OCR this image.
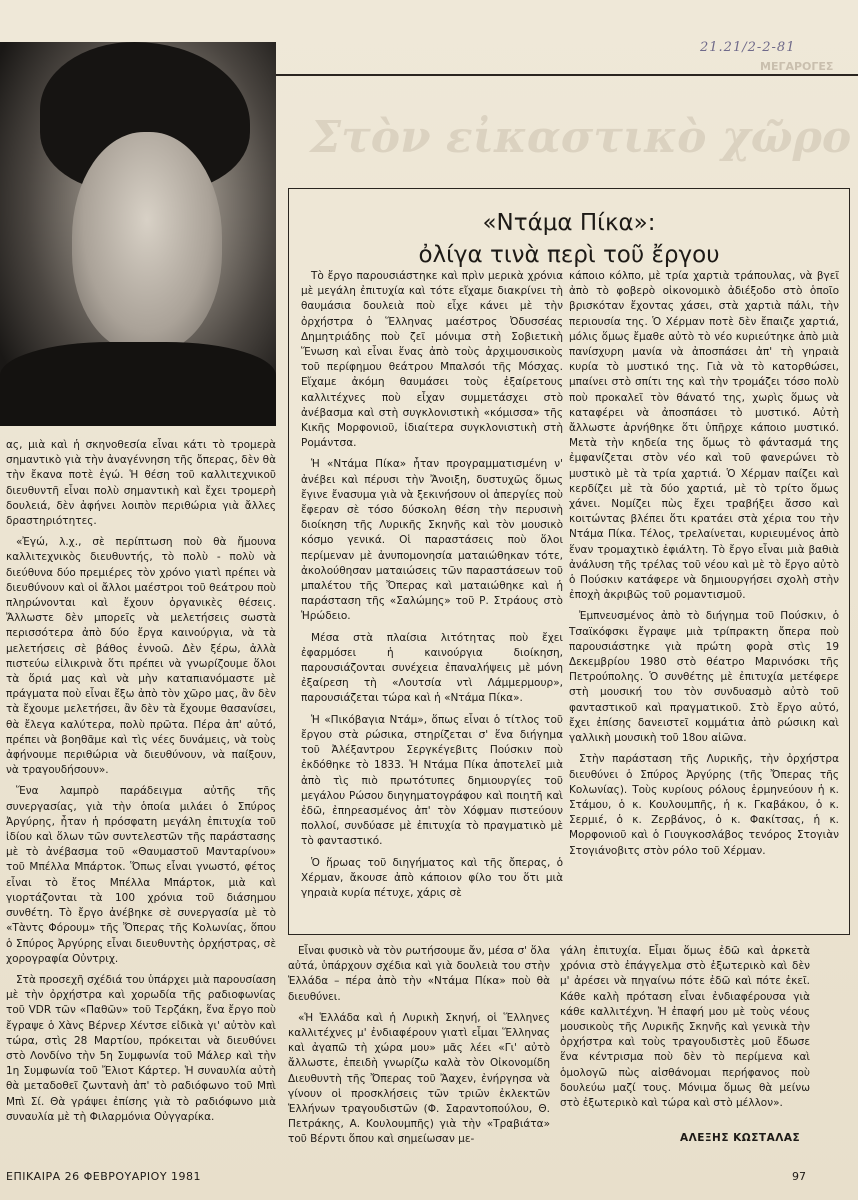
21.21/2-2-81
ΜΕΓΑΡΟΓΕΣ
Στὸν εἰκαστικὸ χῶρο

ας, μιὰ καὶ ἡ σκηνοθεσία εἶναι κάτι τὸ τρομερὰ σημαντικὸ γιὰ τὴν ἀναγέννηση τῆς ὄπερας, δὲν θὰ τὴν ἔκανα ποτὲ ἐγώ. Ἡ θέση τοῦ καλλιτεχνικοῦ διευθυντῆ εἶναι πολὺ σημαντικὴ καὶ ἔχει τρομερὴ δουλειά, δὲν ἀφήνει λοιπὸν περιθώρια γιὰ ἄλλες δραστηριότητες.

«Ἐγώ, λ.χ., σὲ περίπτωση ποὺ θὰ ἤμουνα καλλιτεχνικὸς διευθυντής, τὸ πολὺ - πολὺ νὰ διεύθυνα δύο πρεμιέρες τὸν χρόνο γιατὶ πρέπει νὰ διευθύνουν καὶ οἱ ἄλλοι μαέστροι τοῦ θεάτρου ποὺ πληρώνονται καὶ ἔχουν ὀργανικὲς θέσεις. Ἄλλωστε δὲν μπορεῖς νὰ μελετήσεις σωστὰ περισσότερα ἀπὸ δύο ἔργα καινούργια, νὰ τὰ μελετήσεις σὲ βάθος ἐννοῶ. Δὲν ξέρω, ἀλλὰ πιστεύω εἰλικρινὰ ὅτι πρέπει νὰ γνωρίζουμε ὅλοι τὰ ὅριά μας καὶ νὰ μὴν καταπιανόμαστε μὲ πράγματα ποὺ εἶναι ἔξω ἀπὸ τὸν χῶρο μας, ἂν δὲν τὰ ἔχουμε μελετήσει, ἂν δὲν τὰ ἔχουμε θασανίσει, θὰ ἔλεγα καλύτερα, πολὺ πρῶτα. Πέρα ἀπ' αὐτό, πρέπει νὰ βοηθᾶμε καὶ τὶς νέες δυνάμεις, νὰ τοὺς ἀφήνουμε περιθώρια νὰ διευθύνουν, νὰ παίξουν, νὰ τραγουδήσουν».

Ἕνα λαμπρὸ παράδειγμα αὐτῆς τῆς συνεργασίας, γιὰ τὴν ὁποία μιλάει ὁ Σπύρος Ἀργύρης, ἦταν ἡ πρόσφατη μεγάλη ἐπιτυχία τοῦ ἰδίου καὶ ὅλων τῶν συντελεστῶν τῆς παράστασης μὲ τὸ ἀνέβασμα τοῦ «Θαυμαστοῦ Μανταρίνου» τοῦ Μπέλλα Μπάρτοκ. Ὅπως εἶναι γνωστό, φέτος εἶναι τὸ ἔτος Μπέλλα Μπάρτοκ, μιὰ καὶ γιορτάζονται τὰ 100 χρόνια τοῦ διάσημου συνθέτη. Τὸ ἔργο ἀνέβηκε σὲ συνεργασία μὲ τὸ «Τὰντς Φόρουμ» τῆς Ὄπερας τῆς Κολωνίας, ὅπου ὁ Σπύρος Ἀργύρης εἶναι διευθυντὴς ὀρχήστρας, σὲ χορογραφία Οὐντριχ.

Στὰ προσεχῆ σχέδιά του ὑπάρχει μιὰ παρουσίαση μὲ τὴν ὀρχήστρα καὶ χορωδία τῆς ραδιοφωνίας τοῦ VDR τῶν «Παθῶν» τοῦ Τερζάκη, ἕνα ἔργο ποὺ ἔγραψε ὁ Χὰνς Βέρνερ Χέντσε εἰδικὰ γι' αὐτὸν καὶ τώρα, στὶς 28 Μαρτίου, πρόκειται νὰ διευθύνει στὸ Λονδίνο τὴν 5η Συμφωνία τοῦ Μάλερ καὶ τὴν 1η Συμφωνία τοῦ Ἔλιοτ Κάρτερ. Ἡ συναυλία αὐτὴ θὰ μεταδοθεῖ ζωντανὴ ἀπ' τὸ ραδιόφωνο τοῦ Μπὶ Μπὶ Σί. Θὰ γράψει ἐπίσης γιὰ τὸ ραδιόφωνο μιὰ συναυλία μὲ τὴ Φιλαρμόνια Οὐγγαρίκα.

«Ντάμα Πίκα»:
ὀλίγα τινὰ περὶ τοῦ ἔργου

Τὸ ἔργο παρουσιάστηκε καὶ πρὶν μερικὰ χρόνια μὲ μεγάλη ἐπιτυχία καὶ τότε εἴχαμε διακρίνει τὴ θαυμάσια δουλειὰ ποὺ εἶχε κάνει μὲ τὴν ὀρχήστρα ὁ Ἕλληνας μαέστρος Ὀδυσσέας Δημητριάδης ποὺ ζεῖ μόνιμα στὴ Σοβιετικὴ Ἕνωση καὶ εἶναι ἕνας ἀπὸ τοὺς ἀρχιμουσικοὺς τοῦ περίφημου θεάτρου Μπαλσόι τῆς Μόσχας. Εἴχαμε ἀκόμη θαυμάσει τοὺς ἐξαίρετους καλλιτέχνες ποὺ εἶχαν συμμετάσχει στὸ ἀνέβασμα καὶ στὴ συγκλονιστικὴ «κόμισσα» τῆς Κικῆς Μορφονιοῦ, ἰδιαίτερα συγκλονιστικὴ στὴ Ρομάντσα.

Ἡ «Ντάμα Πίκα» ἦταν προγραμματισμένη ν' ἀνέβει καὶ πέρυσι τὴν Ἄνοιξη, δυστυχῶς ὅμως ἔγινε ἔνασυμα γιὰ νὰ ξεκινήσουν οἱ ἀπεργίες ποὺ ἔφεραν σὲ τόσο δύσκολη θέση τὴν περυσινὴ διοίκηση τῆς Λυρικῆς Σκηνῆς καὶ τὸν μουσικὸ κόσμο γενικά. Οἱ παραστάσεις ποὺ ὅλοι περίμεναν μὲ ἀνυπομονησία ματαιώθηκαν τότε, ἀκολούθησαν ματαιώσεις τῶν παραστάσεων τοῦ μπαλέτου τῆς Ὄπερας καὶ ματαιώθηκε καὶ ἡ παράσταση τῆς «Σαλώμης» τοῦ Ρ. Στράους στὸ Ἡρώδειο.

Μέσα στὰ πλαίσια λιτότητας ποὺ ἔχει ἐφαρμόσει ἡ καινούργια διοίκηση, παρουσιάζονται συνέχεια ἐπαναλήψεις μὲ μόνη ἐξαίρεση τὴ «Λουτσία ντὶ Λάμμερμουρ», παρουσιάζεται τώρα καὶ ἡ «Ντάμα Πίκα».

Ἡ «Πικόβαγια Ντάμ», ὅπως εἶναι ὁ τίτλος τοῦ ἔργου στὰ ρώσικα, στηρίζεται σ' ἕνα διήγημα τοῦ Ἀλέξαντρου Σεργκέγεβιτς Πούσκιν ποὺ ἐκδόθηκε τὸ 1833. Ἡ Ντάμα Πίκα ἀποτελεῖ μιὰ ἀπὸ τὶς πιὸ πρωτότυπες δημιουργίες τοῦ μεγάλου Ρώσου διηγηματογράφου καὶ ποιητῆ καὶ ἐδῶ, ἐπηρεασμένος ἀπ' τὸν Χόφμαν πιστεύουν πολλοί, συνδύασε μὲ ἐπιτυχία τὸ πραγματικὸ μὲ τὸ φανταστικό.

Ὁ ἥρωας τοῦ διηγήματος καὶ τῆς ὄπερας, ὁ Χέρμαν, ἄκουσε ἀπὸ κάποιον φίλο του ὅτι μιὰ γηραιὰ κυρία πέτυχε, χάρις σὲ

κάποιο κόλπο, μὲ τρία χαρτιὰ τράπουλας, νὰ βγεῖ ἀπὸ τὸ φοβερὸ οἰκονομικὸ ἀδιέξοδο στὸ ὁποῖο βρισκόταν ἔχοντας χάσει, στὰ χαρτιὰ πάλι, τὴν περιουσία της. Ὁ Χέρμαν ποτὲ δὲν ἔπαιζε χαρτιά, μόλις ὅμως ἔμαθε αὐτὸ τὸ νέο κυριεύτηκε ἀπὸ μιὰ πανίσχυρη μανία νὰ ἀποσπάσει ἀπ' τὴ γηραιὰ κυρία τὸ μυστικό της. Γιὰ νὰ τὸ κατορθώσει, μπαίνει στὸ σπίτι της καὶ τὴν τρομάζει τόσο πολὺ ποὺ προκαλεῖ τὸν θάνατό της, χωρὶς ὅμως νὰ καταφέρει νὰ ἀποσπάσει τὸ μυστικό. Αὐτὴ ἄλλωστε ἀρνήθηκε ὅτι ὑπῆρχε κάποιο μυστικό. Μετὰ τὴν κηδεία της ὅμως τὸ φάντασμά της ἐμφανίζεται στὸν νέο καὶ τοῦ φανερώνει τὸ μυστικὸ μὲ τὰ τρία χαρτιά. Ὁ Χέρμαν παίζει καὶ κερδίζει μὲ τὰ δύο χαρτιά, μὲ τὸ τρίτο ὅμως χάνει. Νομίζει πὼς ἔχει τραβήξει ἄσσο καὶ κοιτώντας βλέπει ὅτι κρατάει στὰ χέρια του τὴν Ντάμα Πίκα. Τέλος, τρελαίνεται, κυριευμένος ἀπὸ ἕναν τρομαχτικὸ ἐφιάλτη. Τὸ ἔργο εἶναι μιὰ βαθιὰ ἀνάλυση τῆς τρέλας τοῦ νέου καὶ μὲ τὸ ἔργο αὐτὸ ὁ Πούσκιν κατάφερε νὰ δημιουργήσει σχολὴ στὴν ἐποχὴ ἀκριβῶς τοῦ ρομαντισμοῦ.

Ἐμπνευσμένος ἀπὸ τὸ διήγημα τοῦ Πούσκιν, ὁ Τσαϊκόφσκι ἔγραψε μιὰ τρίπρακτη ὄπερα ποὺ παρουσιάστηκε γιὰ πρώτη φορὰ στὶς 19 Δεκεμβρίου 1980 στὸ θέατρο Μαρινόσκι τῆς Πετρούπολης. Ὁ συνθέτης μὲ ἐπιτυχία μετέφερε στὴ μουσική του τὸν συνδυασμὸ αὐτὸ τοῦ φανταστικοῦ καὶ πραγματικοῦ. Στὸ ἔργο αὐτό, ἔχει ἐπίσης δανειστεῖ κομμάτια ἀπὸ ρώσικη καὶ γαλλικὴ μουσικὴ τοῦ 18ου αἰῶνα.

Στὴν παράσταση τῆς Λυρικῆς, τὴν ὀρχήστρα διευθύνει ὁ Σπύρος Ἀργύρης (τῆς Ὄπερας τῆς Κολωνίας). Τοὺς κυρίους ρόλους ἑρμηνεύουν ἡ κ. Στάμου, ὁ κ. Κουλουμπῆς, ἡ κ. Γκαβάκου, ὁ κ. Σερμιέ, ὁ κ. Ζερβάνος, ὁ κ. Φακίτσας, ἡ κ. Μορφονιοῦ καὶ ὁ Γιουγκοσλάβος τενόρος Στογιὰν Στογιάνοβιτς στὸν ρόλο τοῦ Χέρμαν.

Εἶναι φυσικὸ νὰ τὸν ρωτήσουμε ἄν, μέσα σ' ὅλα αὐτά, ὑπάρχουν σχέδια καὶ γιὰ δουλειὰ του στὴν Ἑλλάδα – πέρα ἀπὸ τὴν «Ντάμα Πίκα» ποὺ θὰ διευθύνει.

«Ἡ Ἑλλάδα καὶ ἡ Λυρικὴ Σκηνή, οἱ Ἕλληνες καλλιτέχνες μ' ἐνδιαφέρουν γιατὶ εἶμαι Ἕλληνας καὶ ἀγαπῶ τὴ χώρα μου» μᾶς λέει «Γι' αὐτὸ ἄλλωστε, ἐπειδὴ γνωρίζω καλὰ τὸν Οἰκονομίδη Διευθυντὴ τῆς Ὄπερας τοῦ Ἄαχεν, ἐνήργησα νὰ γίνουν οἱ προσκλήσεις τῶν τριῶν ἐκλεκτῶν Ἑλλήνων τραγουδιστῶν (Φ. Σαραντοπούλου, Θ. Πετράκης, Α. Κουλουμπῆς) γιὰ τὴν «Τραβιάτα» τοῦ Βέρντι ὅπου καὶ σημείωσαν με-

γάλη ἐπιτυχία. Εἶμαι ὅμως ἐδῶ καὶ ἀρκετὰ χρόνια στὸ ἐπάγγελμα στὸ ἐξωτερικὸ καὶ δὲν μ' ἀρέσει νὰ πηγαίνω πότε ἐδῶ καὶ πότε ἐκεῖ. Κάθε καλὴ πρόταση εἶναι ἐνδιαφέρουσα γιὰ κάθε καλλιτέχνη. Ἡ ἐπαφή μου μὲ τοὺς νέους μουσικοὺς τῆς Λυρικῆς Σκηνῆς καὶ γενικὰ τὴν ὀρχήστρα καὶ τοὺς τραγουδιστὲς μοῦ ἔδωσε ἕνα κέντρισμα ποὺ δὲν τὸ περίμενα καὶ ὁμολογῶ πὼς αἰσθάνομαι περήφανος ποὺ δουλεύω μαζί τους. Μόνιμα ὅμως θὰ μείνω στὸ ἐξωτερικὸ καὶ τώρα καὶ στὸ μέλλον».

ΑΛΕΞΗΣ ΚΩΣΤΑΛΑΣ
ΕΠΙΚΑΙΡΑ 26 ΦΕΒΡΟΥΑΡΙΟΥ 1981	97
